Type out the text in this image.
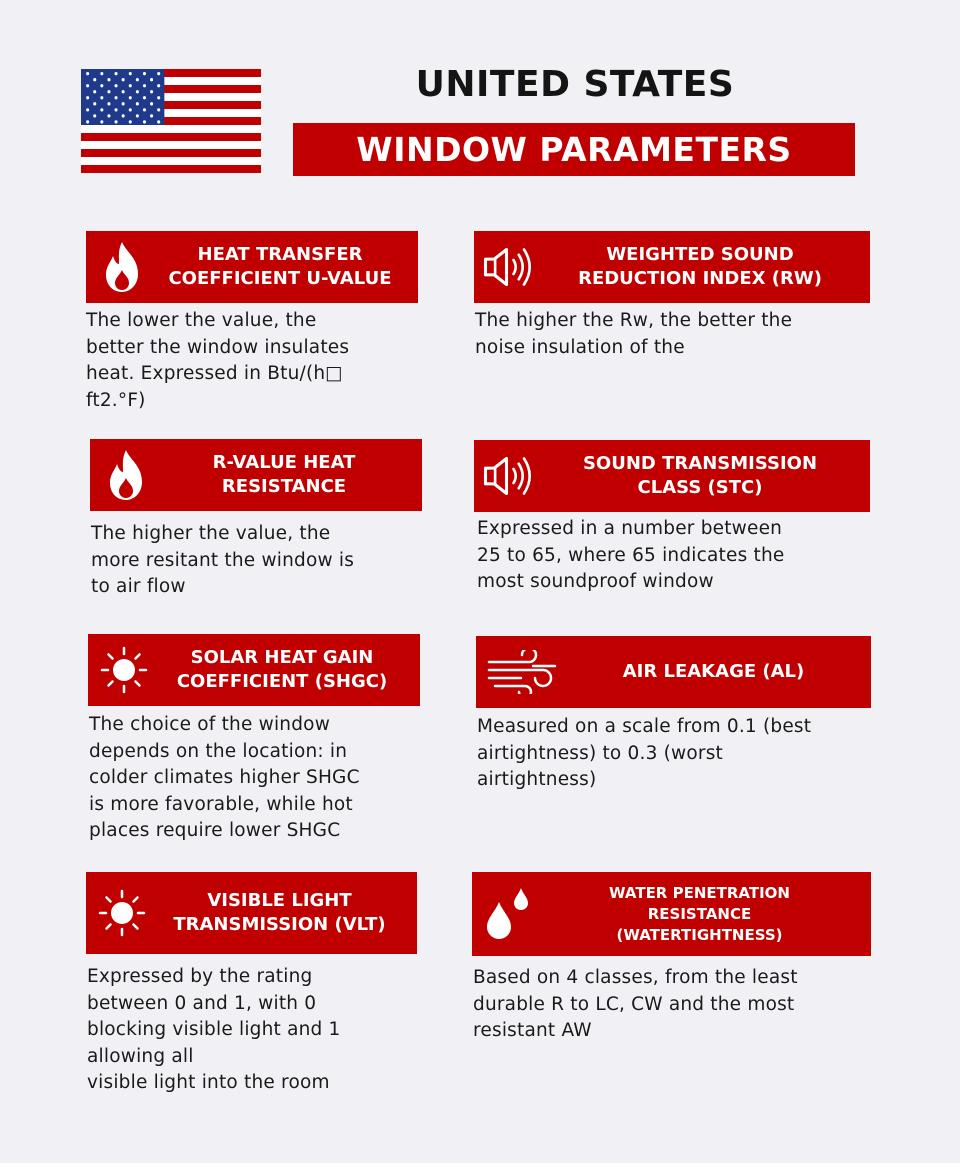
UNITED STATES
WINDOW PARAMETERS
HEAT TRANSFER
COEFFICIENT U-VALUE
The lower the value, the
better the window insulates
heat. Expressed in Btu/(h□
ft2.°F)
WEIGHTED SOUND
REDUCTION INDEX (RW)
The higher the Rw, the better the
noise insulation of the
R-VALUE HEAT
RESISTANCE
The higher the value, the
more resitant the window is
to air flow
SOUND TRANSMISSION
CLASS (STC)
Expressed in a number between
25 to 65, where 65 indicates the
most soundproof window
SOLAR HEAT GAIN
COEFFICIENT (SHGC)
The choice of the window
depends on the location: in
colder climates higher SHGC
is more favorable, while hot
places require lower SHGC
AIR LEAKAGE (AL)
Measured on a scale from 0.1 (best
airtightness) to 0.3 (worst
airtightness)
VISIBLE LIGHT
TRANSMISSION (VLT)
Expressed by the rating
between 0 and 1, with 0
blocking visible light and 1
allowing all
visible light into the room
WATER PENETRATION
RESISTANCE
(WATERTIGHTNESS)
Based on 4 classes, from the least
durable R to LC, CW and the most
resistant AW
